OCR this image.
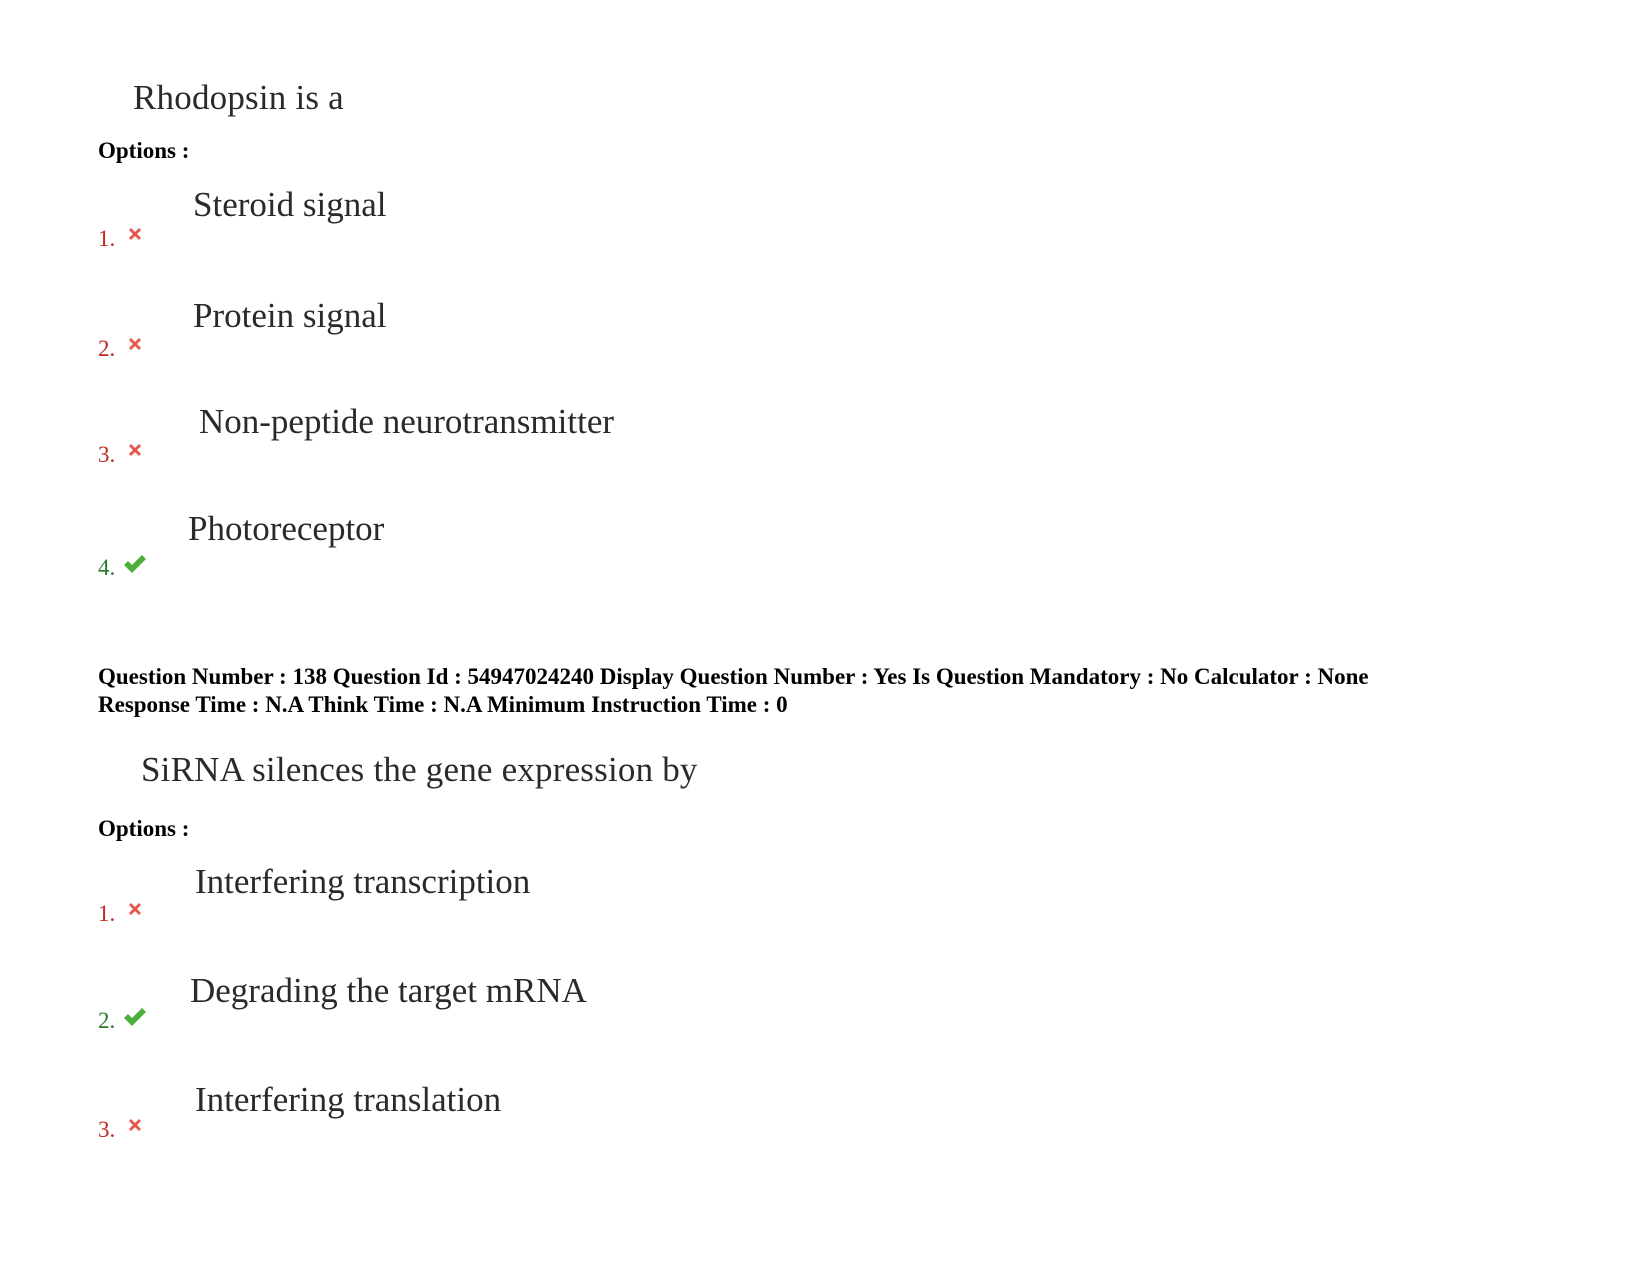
Rhodopsin is a
Options :
1.
Steroid signal
2.
Protein signal
3.
Non-peptide neurotransmitter
4.
Photoreceptor
Question Number : 138 Question Id : 54947024240 Display Question Number : Yes Is Question Mandatory : No Calculator : None
Response Time : N.A Think Time : N.A Minimum Instruction Time : 0
SiRNA silences the gene expression by
Options :
1.
Interfering transcription
2.
Degrading the target mRNA
3.
Interfering translation
